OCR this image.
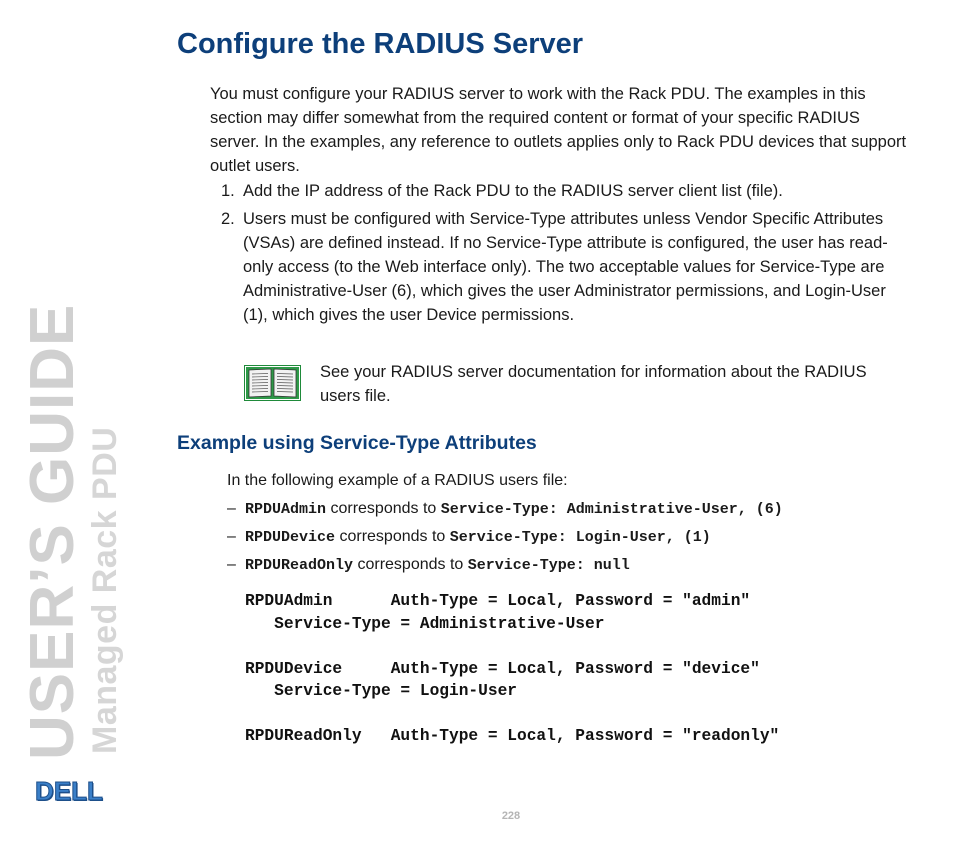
USER’S GUIDE Managed Rack PDU
DELL
Configure the RADIUS Server

You must configure your RADIUS server to work with the Rack PDU. The examples in this section may differ somewhat from the required content or format of your specific RADIUS server. In the examples, any reference to outlets applies only to Rack PDU devices that support outlet users.

1. Add the IP address of the Rack PDU to the RADIUS server client list (file).
2. Users must be configured with Service-Type attributes unless Vendor Specific Attributes (VSAs) are defined instead. If no Service-Type attribute is configured, the user has read-only access (to the Web interface only). The two acceptable values for Service-Type are Administrative-User (6), which gives the user Administrator permissions, and Login-User (1), which gives the user Device permissions.

See your RADIUS server documentation for information about the RADIUS users file.

Example using Service-Type Attributes

In the following example of a RADIUS users file:

– RPDUAdmin corresponds to Service-Type: Administrative-User, (6)
– RPDUDevice corresponds to Service-Type: Login-User, (1)
– RPDUReadOnly corresponds to Service-Type: null
RPDUAdmin      Auth-Type = Local, Password = "admin"
Service-Type = Administrative-User

RPDUDevice     Auth-Type = Local, Password = "device"
Service-Type = Login-User

RPDUReadOnly   Auth-Type = Local, Password = "readonly"
228
